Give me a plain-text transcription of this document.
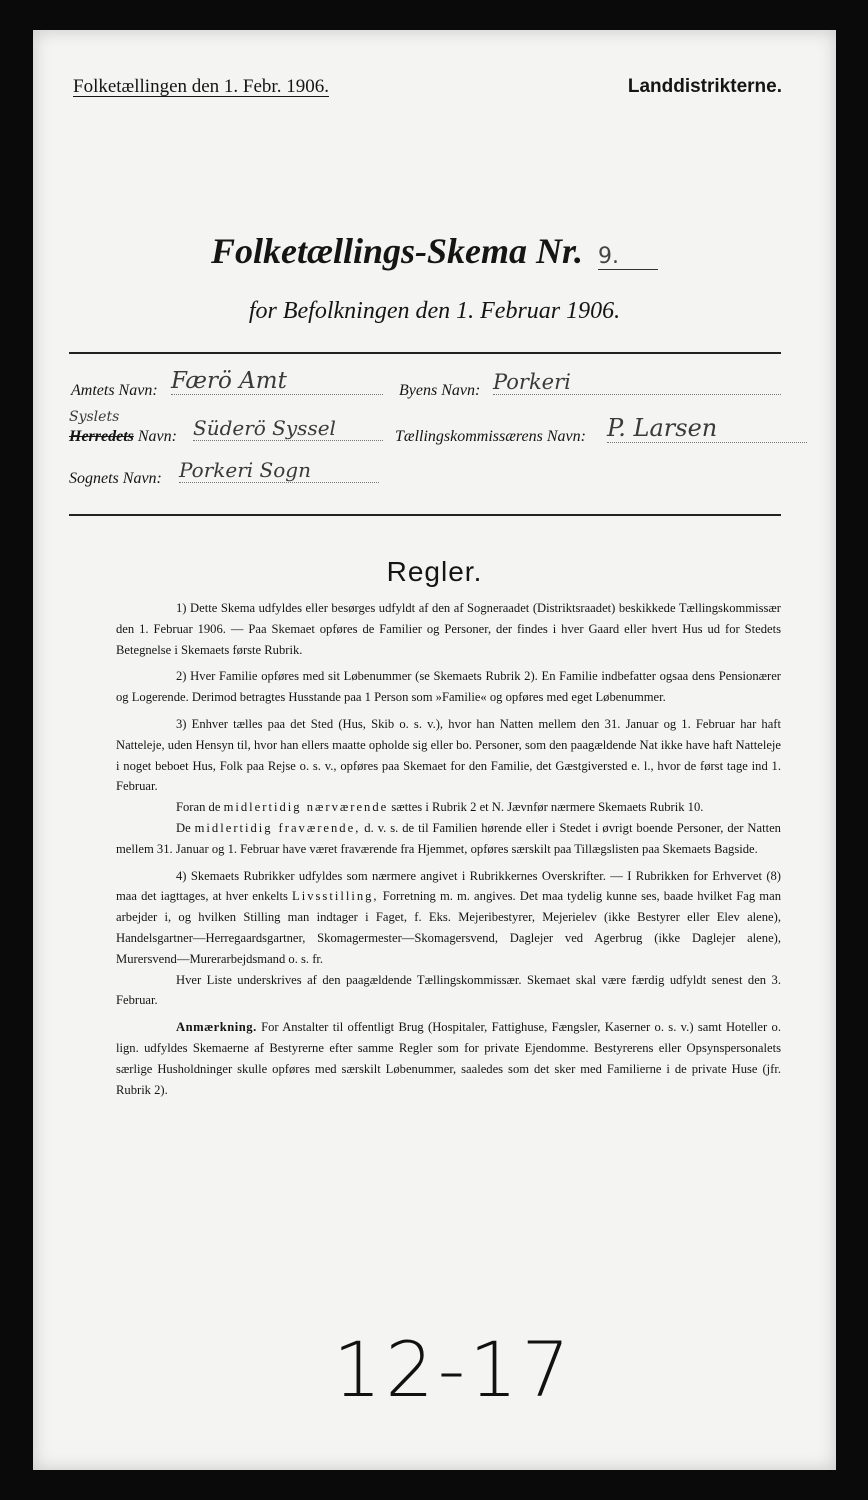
Folketællingen den 1. Febr. 1906.	Landdistrikterne.
Folketællings-Skema Nr. 9.
for Befolkningen den 1. Februar 1906.
Amtets Navn: Færö Amt	Byens Navn: Porkeri
Syslets
Herredets Navn: Süderö Syssel	Tællingskommissærens Navn: P. Larsen
Sognets Navn: Porkeri Sogn
Regler.

1) Dette Skema udfyldes eller besørges udfyldt af den af Sogneraadet (Distriktsraadet) beskikkede Tællingskommissær den 1. Februar 1906. — Paa Skemaet opføres de Familier og Personer, der findes i hver Gaard eller hvert Hus ud for Stedets Betegnelse i Skemaets første Rubrik.

2) Hver Familie opføres med sit Løbenummer (se Skemaets Rubrik 2). En Familie indbefatter ogsaa dens Pensionærer og Logerende. Derimod betragtes Husstande paa 1 Person som »Familie« og opføres med eget Løbenummer.

3) Enhver tælles paa det Sted (Hus, Skib o. s. v.), hvor han Natten mellem den 31. Januar og 1. Februar har haft Natteleje, uden Hensyn til, hvor han ellers maatte opholde sig eller bo. Personer, som den paagældende Nat ikke have haft Natteleje i noget beboet Hus, Folk paa Rejse o. s. v., opføres paa Skemaet for den Familie, det Gæstgiversted e. l., hvor de først tage ind 1. Februar.

Foran de midlertidig nærværende sættes i Rubrik 2 et N. Jævnfør nærmere Skemaets Rubrik 10.

De midlertidig fraværende, d. v. s. de til Familien hørende eller i Stedet i øvrigt boende Personer, der Natten mellem 31. Januar og 1. Februar have været fraværende fra Hjemmet, opføres særskilt paa Tillægslisten paa Skemaets Bagside.

4) Skemaets Rubrikker udfyldes som nærmere angivet i Rubrikkernes Overskrifter. — I Rubrikken for Erhvervet (8) maa det iagttages, at hver enkelts Livsstilling, Forretning m. m. angives. Det maa tydelig kunne ses, baade hvilket Fag man arbejder i, og hvilken Stilling man indtager i Faget, f. Eks. Mejeribestyrer, Mejerielev (ikke Bestyrer eller Elev alene), Handelsgartner—Herregaardsgartner, Skomagermester—Skomagersvend, Daglejer ved Agerbrug (ikke Daglejer alene), Murersvend—Murerarbejdsmand o. s. fr.

Hver Liste underskrives af den paagældende Tællingskommissær. Skemaet skal være færdig udfyldt senest den 3. Februar.

Anmærkning. For Anstalter til offentligt Brug (Hospitaler, Fattighuse, Fængsler, Kaserner o. s. v.) samt Hoteller o. lign. udfyldes Skemaerne af Bestyrerne efter samme Regler som for private Ejendomme. Bestyrerens eller Opsynspersonalets særlige Husholdninger skulle opføres med særskilt Løbenummer, saaledes som det sker med Familierne i de private Huse (jfr. Rubrik 2).

12-17
